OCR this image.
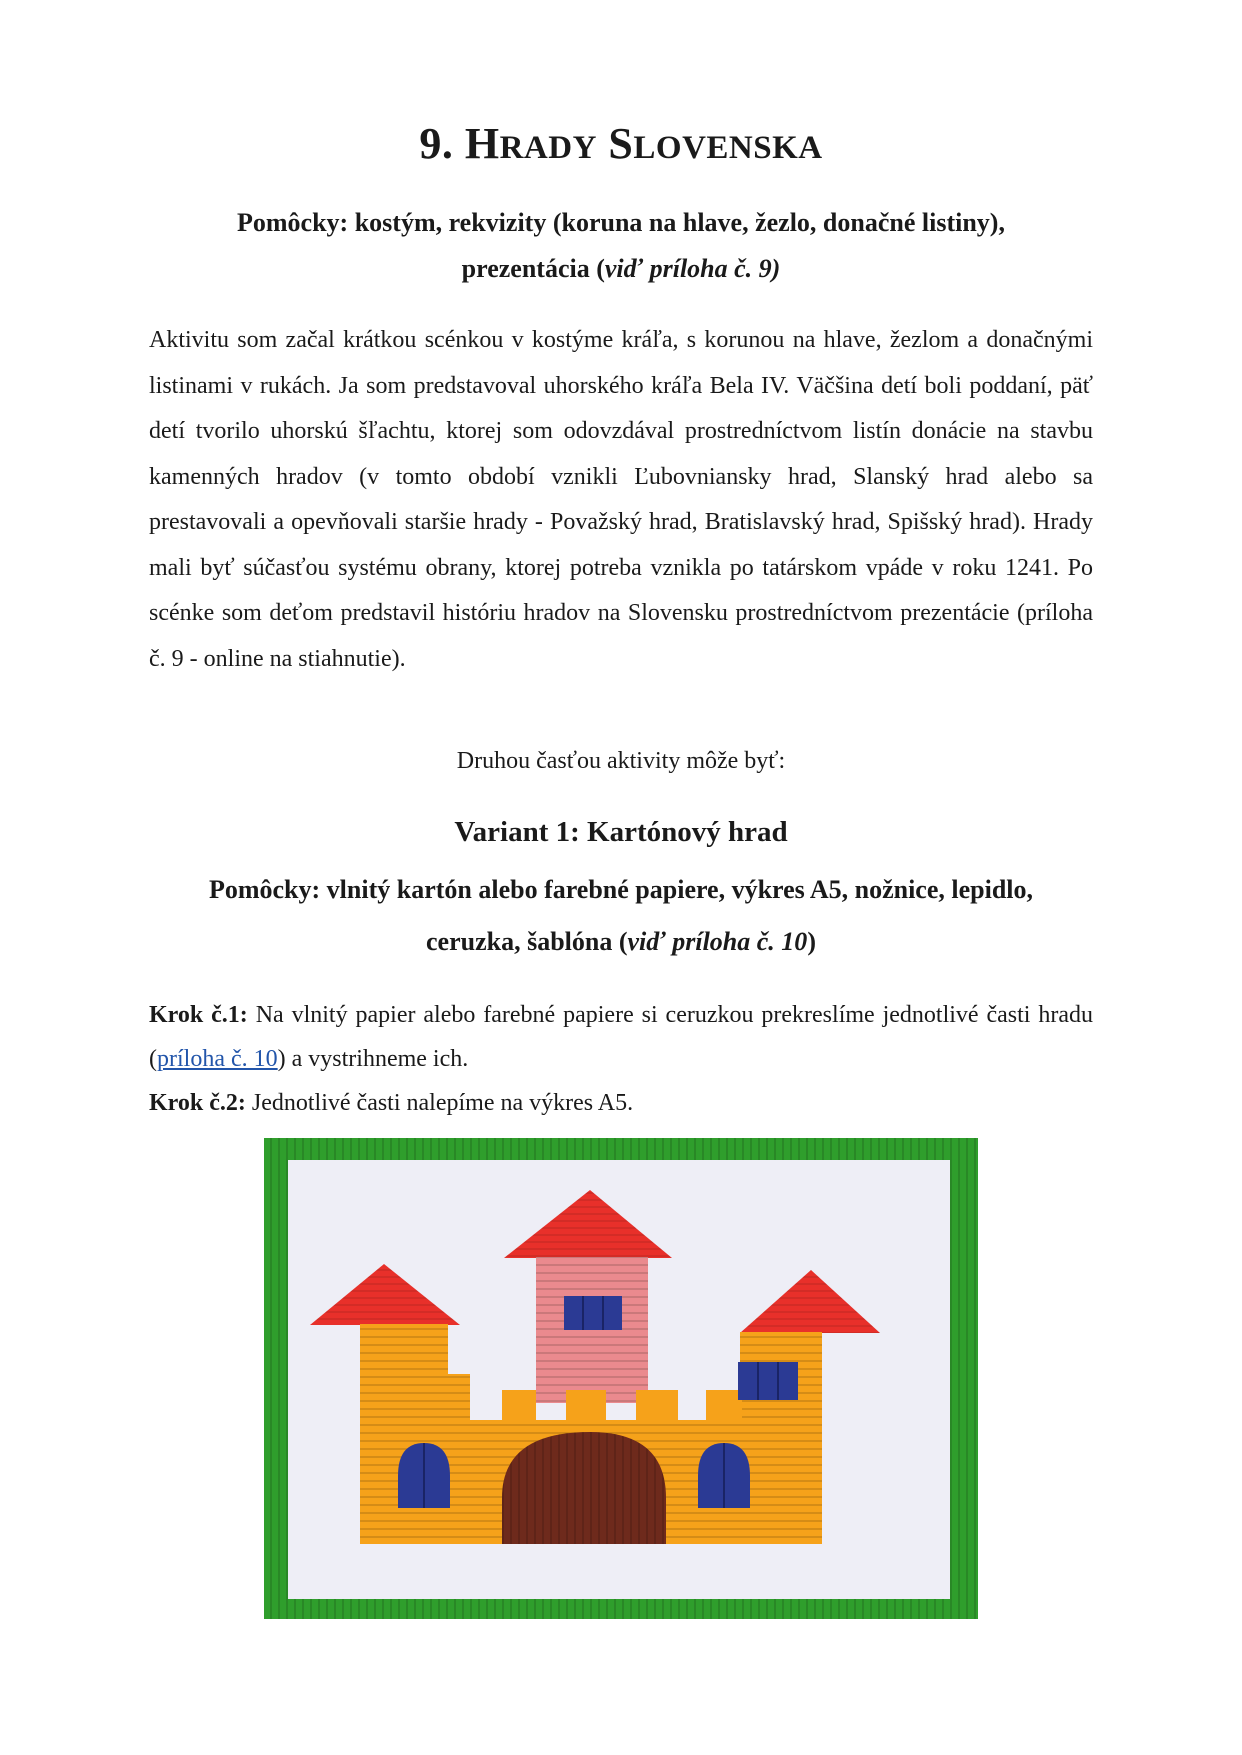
9. HRADY SLOVENSKA
Pomôcky: kostým, rekvizity (koruna na hlave, žezlo, donačné listiny),
prezentácia (viď príloha č. 9)
Aktivitu som začal krátkou scénkou v kostýme kráľa, s korunou na hlave, žezlom a donačnými listinami v rukách. Ja som predstavoval uhorského kráľa Bela IV. Väčšina detí boli poddaní, päť detí tvorilo uhorskú šľachtu, ktorej som odovzdával prostredníctvom listín donácie na stavbu kamenných hradov (v tomto období vznikli Ľubovniansky hrad, Slanský hrad alebo sa prestavovali a opevňovali staršie hrady - Považský hrad, Bratislavský hrad, Spišský hrad). Hrady mali byť súčasťou systému obrany, ktorej potreba vznikla po tatárskom vpáde v roku 1241. Po scénke som deťom predstavil históriu hradov na Slovensku prostredníctvom prezentácie (príloha č. 9 - online na stiahnutie).
Druhou časťou aktivity môže byť:
Variant 1: Kartónový hrad
Pomôcky: vlnitý kartón alebo farebné papiere, výkres A5, nožnice, lepidlo,
ceruzka, šablóna (viď príloha č. 10)
Krok č.1: Na vlnitý papier alebo farebné papiere si ceruzkou prekreslíme jednotlivé časti hradu (príloha č. 10) a vystrihneme ich.
Krok č.2: Jednotlivé časti nalepíme na výkres A5.
